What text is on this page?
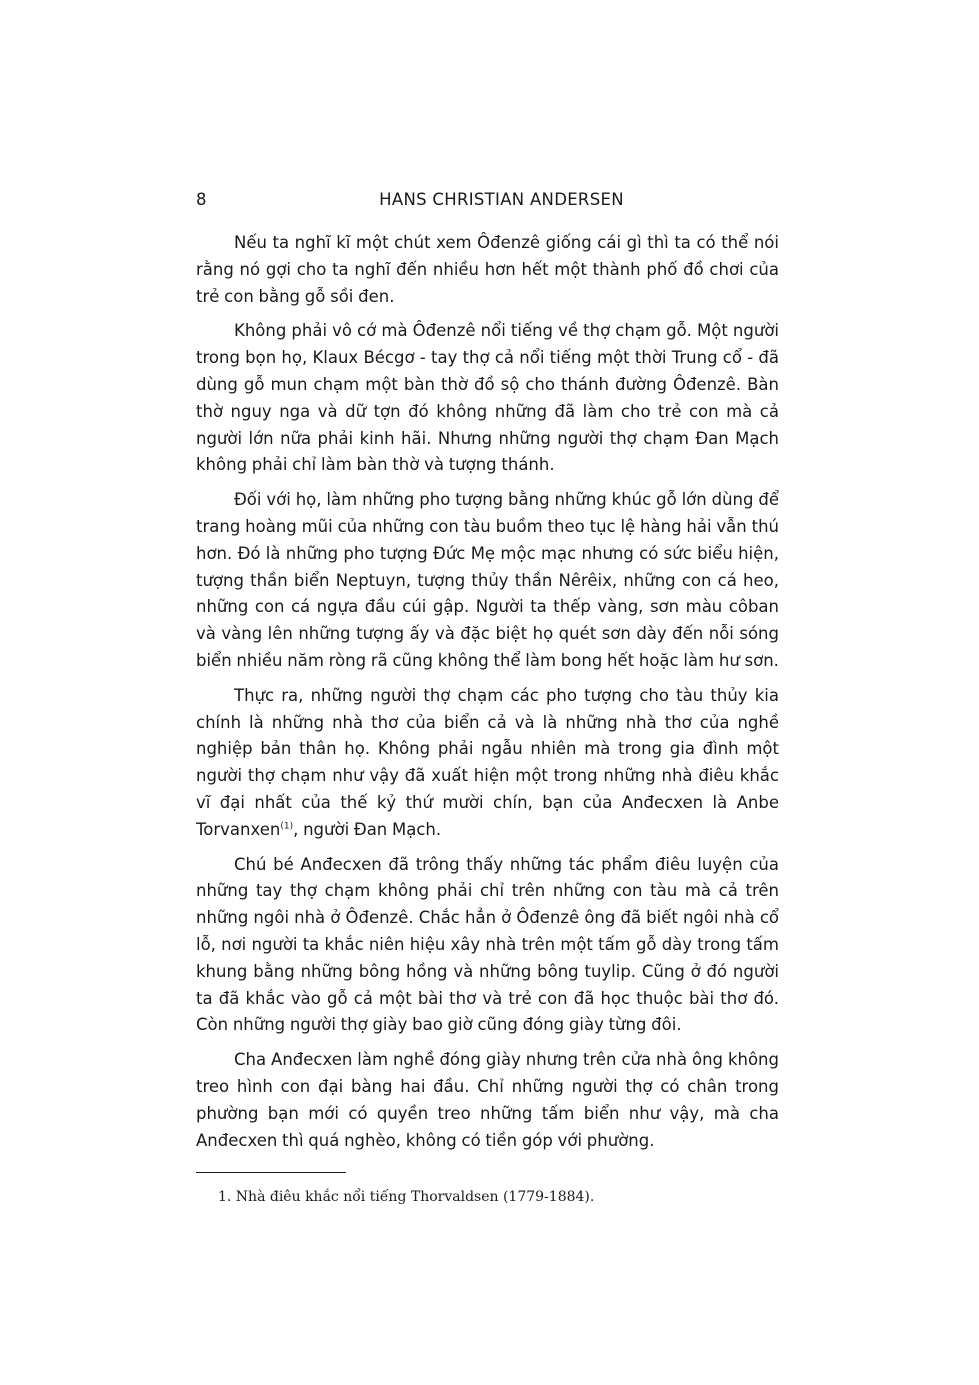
8	HANS CHRISTIAN ANDERSEN

Nếu ta nghĩ kĩ một chút xem Ôđenzê giống cái gì thì ta có thể nói rằng nó gợi cho ta nghĩ đến nhiều hơn hết một thành phố đồ chơi của trẻ con bằng gỗ sồi đen.

Không phải vô cớ mà Ôđenzê nổi tiếng về thợ chạm gỗ. Một người trong bọn họ, Klaux Bécgơ - tay thợ cả nổi tiếng một thời Trung cổ - đã dùng gỗ mun chạm một bàn thờ đồ sộ cho thánh đường Ôđenzê. Bàn thờ nguy nga và dữ tợn đó không những đã làm cho trẻ con mà cả người lớn nữa phải kinh hãi. Nhưng những người thợ chạm Đan Mạch không phải chỉ làm bàn thờ và tượng thánh.

Đối với họ, làm những pho tượng bằng những khúc gỗ lớn dùng để trang hoàng mũi của những con tàu buồm theo tục lệ hàng hải vẫn thú hơn. Đó là những pho tượng Đức Mẹ mộc mạc nhưng có sức biểu hiện, tượng thần biển Neptuyn, tượng thủy thần Nêrêix, những con cá heo, những con cá ngựa đầu cúi gập. Người ta thếp vàng, sơn màu côban và vàng lên những tượng ấy và đặc biệt họ quét sơn dày đến nỗi sóng biển nhiều năm ròng rã cũng không thể làm bong hết hoặc làm hư sơn.

Thực ra, những người thợ chạm các pho tượng cho tàu thủy kia chính là những nhà thơ của biển cả và là những nhà thơ của nghề nghiệp bản thân họ. Không phải ngẫu nhiên mà trong gia đình một người thợ chạm như vậy đã xuất hiện một trong những nhà điêu khắc vĩ đại nhất của thế kỷ thứ mười chín, bạn của Anđecxen là Anbe Torvanxen$^{(1)}$, người Đan Mạch.

Chú bé Anđecxen đã trông thấy những tác phẩm điêu luyện của những tay thợ chạm không phải chỉ trên những con tàu mà cả trên những ngôi nhà ở Ôđenzê. Chắc hẳn ở Ôđenzê ông đã biết ngôi nhà cổ lỗ, nơi người ta khắc niên hiệu xây nhà trên một tấm gỗ dày trong tấm khung bằng những bông hồng và những bông tuylip. Cũng ở đó người ta đã khắc vào gỗ cả một bài thơ và trẻ con đã học thuộc bài thơ đó. Còn những người thợ giày bao giờ cũng đóng giày từng đôi.

Cha Anđecxen làm nghề đóng giày nhưng trên cửa nhà ông không treo hình con đại bàng hai đầu. Chỉ những người thợ có chân trong phường bạn mới có quyền treo những tấm biển như vậy, mà cha Anđecxen thì quá nghèo, không có tiền góp với phường.

1. Nhà điêu khắc nổi tiếng Thorvaldsen (1779-1884).
